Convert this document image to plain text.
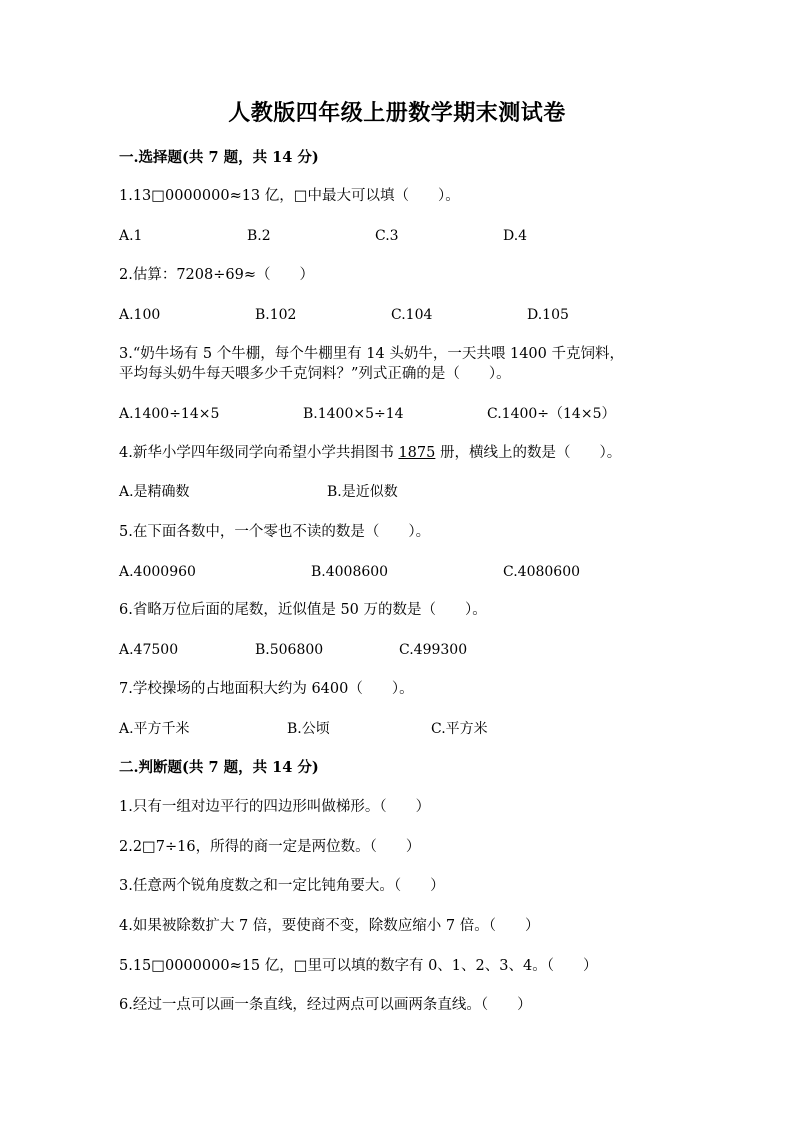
人教版四年级上册数学期末测试卷
一.选择题(共 7 题，共 14 分)
1.13□0000000≈13 亿，□中最大可以填（　　）。
A.1	B.2	C.3	D.4
2.估算：7208÷69≈（　　）
A.100	B.102	C.104	D.105
3.“奶牛场有 5 个牛棚，每个牛棚里有 14 头奶牛，一天共喂 1400 千克饲料，
平均每头奶牛每天喂多少千克饲料？”列式正确的是（　　）。
A.1400÷14×5	B.1400×5÷14	C.1400÷（14×5）
4.新华小学四年级同学向希望小学共捐图书 1875 册，横线上的数是（　　）。
A.是精确数	B.是近似数
5.在下面各数中，一个零也不读的数是（　　）。
A.4000960	B.4008600	C.4080600
6.省略万位后面的尾数，近似值是 50 万的数是（　　）。
A.47500	B.506800	C.499300
7.学校操场的占地面积大约为 6400（　　）。
A.平方千米	B.公顷	C.平方米
二.判断题(共 7 题，共 14 分)
1.只有一组对边平行的四边形叫做梯形。（　　）
2.2□7÷16，所得的商一定是两位数。（　　）
3.任意两个锐角度数之和一定比钝角要大。（　　）
4.如果被除数扩大 7 倍，要使商不变，除数应缩小 7 倍。（　　）
5.15□0000000≈15 亿，□里可以填的数字有 0、1、2、3、4。（　　）
6.经过一点可以画一条直线，经过两点可以画两条直线。（　　）
